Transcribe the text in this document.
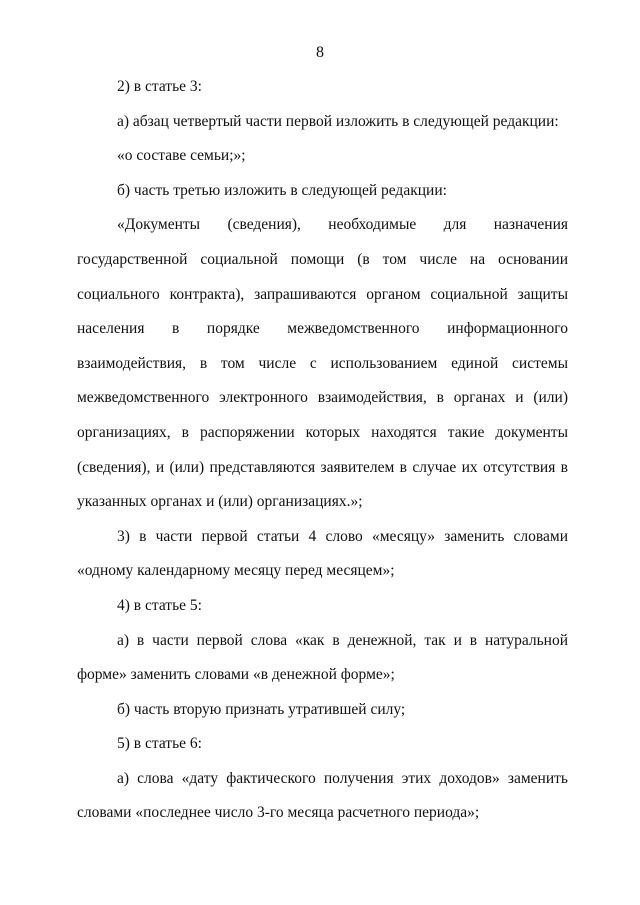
8

2) в статье 3:

а) абзац четвертый части первой изложить в следующей редакции:

«о составе семьи;»;

б) часть третью изложить в следующей редакции:

«Документы (сведения), необходимые для назначения государственной социальной помощи (в том числе на основании социального контракта), запрашиваются органом социальной защиты населения в порядке межведомственного информационного взаимодействия, в том числе с использованием единой системы межведомственного электронного взаимодействия, в органах и (или) организациях, в распоряжении которых находятся такие документы (сведения), и (или) представляются заявителем в случае их отсутствия в указанных органах и (или) организациях.»;

3) в части первой статьи 4 слово «месяцу» заменить словами «одному календарному месяцу перед месяцем»;

4) в статье 5:

а) в части первой слова «как в денежной, так и в натуральной форме» заменить словами «в денежной форме»;

б) часть вторую признать утратившей силу;

5) в статье 6:

а) слова «дату фактического получения этих доходов» заменить словами «последнее число 3-го месяца расчетного периода»;
